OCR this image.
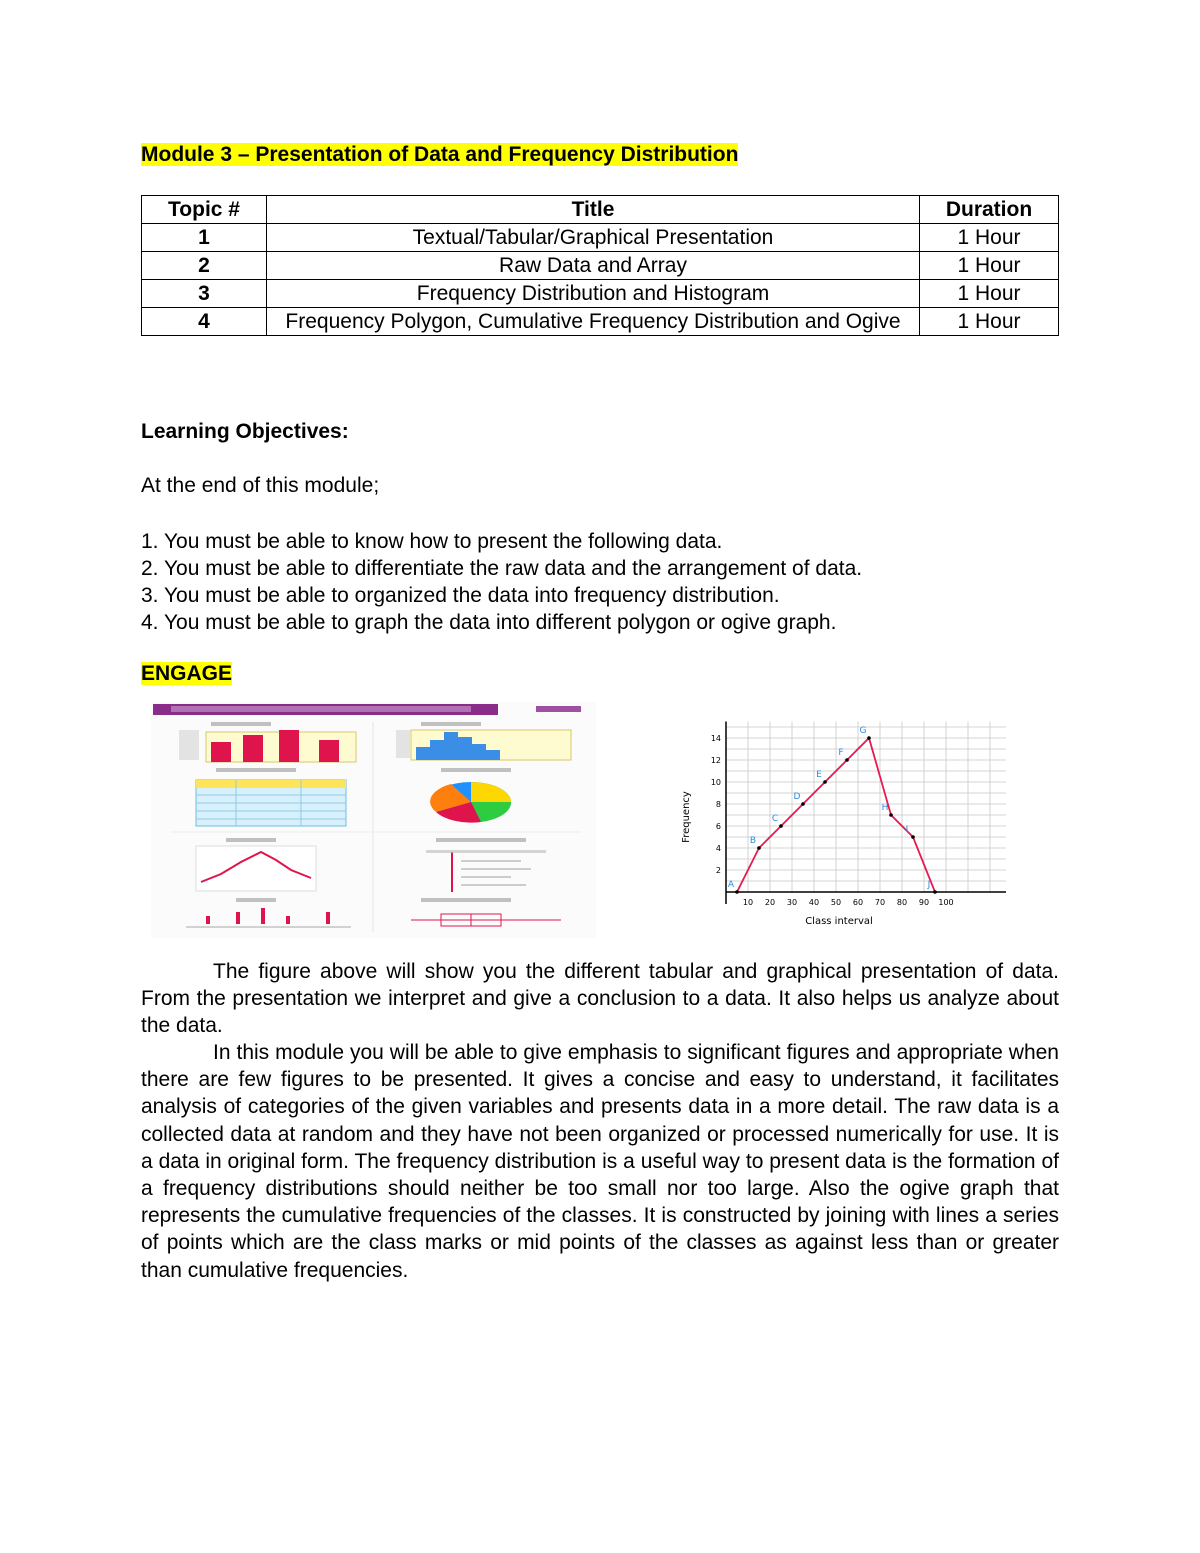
Module 3 – Presentation of Data and Frequency Distribution
Topic #	Title	Duration
1	Textual/Tabular/Graphical Presentation	1 Hour
2	Raw Data and Array	1 Hour
3	Frequency Distribution and Histogram	1 Hour
4	Frequency Polygon, Cumulative Frequency Distribution and Ogive	1 Hour
Learning Objectives:
At the end of this module;
1. You must be able to know how to present the following data.
2. You must be able to differentiate the raw data and the arrangement of data.
3. You must be able to organized the data into frequency distribution.
4. You must be able to graph the data into different polygon or ogive graph.
ENGAGE
10 20 30 40 50 60 70 80 90 100
2
4
6
8
10
12
14
A
B
C
D
E
F
G
H
I
J
Class interval
Frequency

The figure above will show you the different tabular and graphical presentation of data. From the presentation we interpret and give a conclusion to a data. It also helps us analyze about the data.

In this module you will be able to give emphasis to significant figures and appropriate when there are few figures to be presented. It gives a concise and easy to understand, it facilitates analysis of categories of the given variables and presents data in a more detail. The raw data is a collected data at random and they have not been organized or processed numerically for use. It is a data in original form. The frequency distribution is a useful way to present data is the formation of a frequency distributions should neither be too small nor too large. Also the ogive graph that represents the cumulative frequencies of the classes. It is constructed by joining with lines a series of points which are the class marks or mid points of the classes as against less than or greater than cumulative frequencies.
